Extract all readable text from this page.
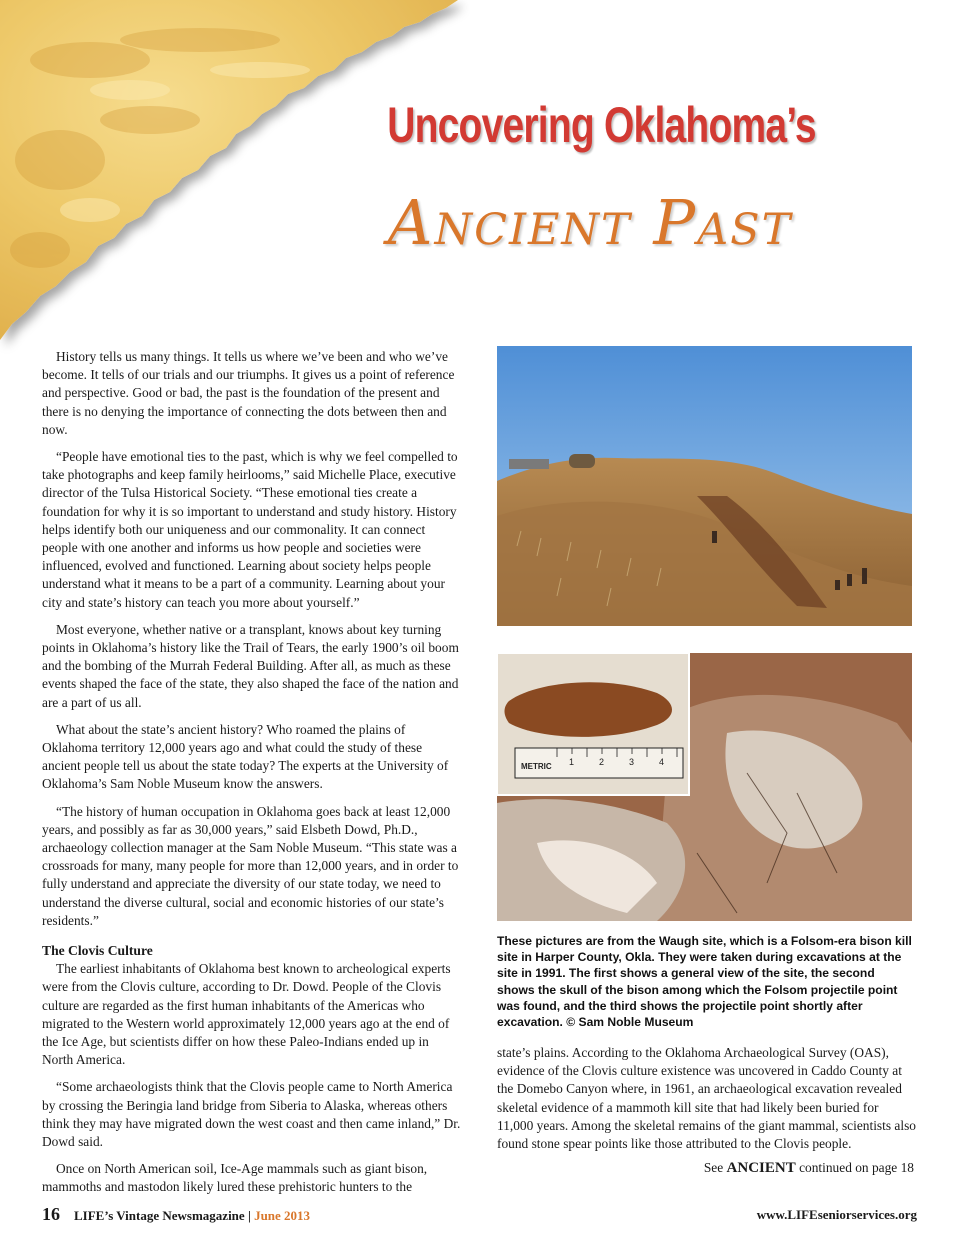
Uncovering Oklahoma’s
Ancient Past

History tells us many things. It tells us where we’ve been and who we’ve become. It tells of our trials and our triumphs. It gives us a point of reference and perspective. Good or bad, the past is the foundation of the present and there is no denying the importance of connecting the dots between then and now.

“People have emotional ties to the past, which is why we feel compelled to take photographs and keep family heirlooms,” said Michelle Place, executive director of the Tulsa Historical Society. “These emotional ties create a foundation for why it is so important to understand and study history. History helps identify both our uniqueness and our commonality. It can connect people with one another and informs us how people and societies were influenced, evolved and functioned. Learning about society helps people understand what it means to be a part of a community. Learning about your city and state’s history can teach you more about yourself.”

Most everyone, whether native or a transplant, knows about key turning points in Oklahoma’s history like the Trail of Tears, the early 1900’s oil boom and the bombing of the Murrah Federal Building. After all, as much as these events shaped the face of the state, they also shaped the face of the nation and are a part of us all.

What about the state’s ancient history? Who roamed the plains of Oklahoma territory 12,000 years ago and what could the study of these ancient people tell us about the state today? The experts at the University of Oklahoma’s Sam Noble Museum know the answers.

“The history of human occupation in Oklahoma goes back at least 12,000 years, and possibly as far as 30,000 years,” said Elsbeth Dowd, Ph.D., archaeology collection manager at the Sam Noble Museum. “This state was a crossroads for many, many people for more than 12,000 years, and in order to fully understand and appreciate the diversity of our state today, we need to understand the diverse cultural, social and economic histories of our state’s residents.”

The Clovis Culture

The earliest inhabitants of Oklahoma best known to archeological experts were from the Clovis culture, according to Dr. Dowd. People of the Clovis culture are regarded as the first human inhabitants of the Americas who migrated to the Western world approximately 12,000 years ago at the end of the Ice Age, but scientists differ on how these Paleo-Indians ended up in North America.

“Some archaeologists think that the Clovis people came to North America by crossing the Beringia land bridge from Siberia to Alaska, whereas others think they may have migrated down the west coast and then came inland,” Dr. Dowd said.

Once on North American soil, Ice-Age mammals such as giant bison, mammoths and mastodon likely lured these prehistoric hunters to the

METRIC 1	2	3	4
These pictures are from the Waugh site, which is a Folsom-era bison kill site in Harper County, Okla. They were taken during excavations at the site in 1991. The first shows a general view of the site, the second shows the skull of the bison among which the Folsom projectile point was found, and the third shows the projectile point shortly after excavation. © Sam Noble Museum

state’s plains. According to the Oklahoma Archaeological Survey (OAS), evidence of the Clovis culture existence was uncovered in Caddo County at the Domebo Canyon where, in 1961, an archaeological excavation revealed skeletal evidence of a mammoth kill site that had likely been buried for 11,000 years. Among the skeletal remains of the giant mammal, scientists also found stone spear points like those attributed to the Clovis people.

See ANCIENT continued on page 18
16 LIFE’s Vintage Newsmagazine | June 2013	www.LIFEseniorservices.org
